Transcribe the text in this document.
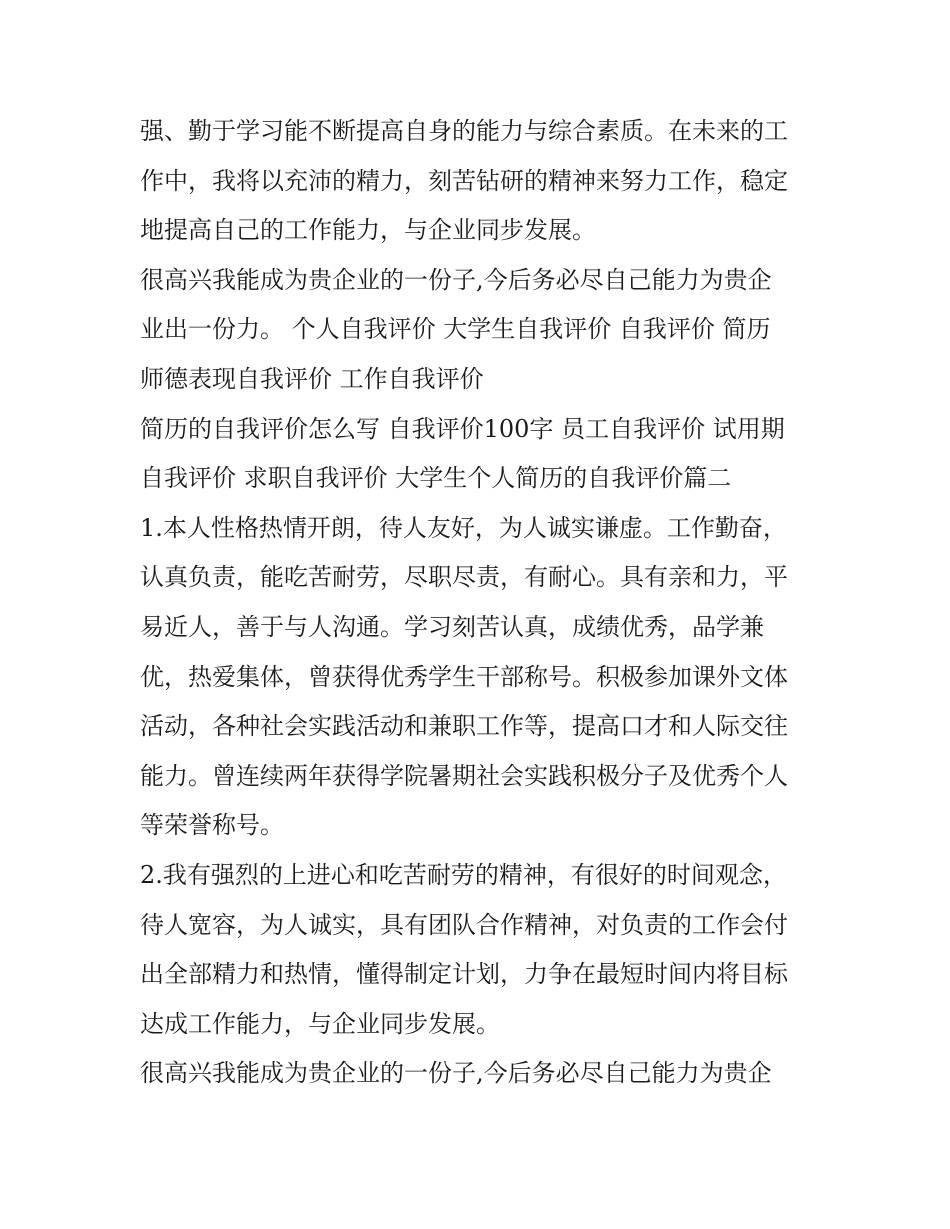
强、勤于学习能不断提高自身的能力与综合素质。在未来的工
作中，我将以充沛的精力，刻苦钻研的精神来努力工作，稳定
地提高自己的工作能力，与企业同步发展。
很高兴我能成为贵企业的一份子,今后务必尽自己能力为贵企
业出一份力。 个人自我评价 大学生自我评价 自我评价 简历
师德表现自我评价 工作自我评价
简历的自我评价怎么写 自我评价100字 员工自我评价 试用期
自我评价 求职自我评价 大学生个人简历的自我评价篇二
1.本人性格热情开朗，待人友好，为人诚实谦虚。工作勤奋，
认真负责，能吃苦耐劳，尽职尽责，有耐心。具有亲和力，平
易近人，善于与人沟通。学习刻苦认真，成绩优秀，品学兼
优，热爱集体，曾获得优秀学生干部称号。积极参加课外文体
活动，各种社会实践活动和兼职工作等，提高口才和人际交往
能力。曾连续两年获得学院暑期社会实践积极分子及优秀个人
等荣誉称号。
2.我有强烈的上进心和吃苦耐劳的精神，有很好的时间观念，
待人宽容，为人诚实，具有团队合作精神，对负责的工作会付
出全部精力和热情，懂得制定计划，力争在最短时间内将目标
达成工作能力，与企业同步发展。
很高兴我能成为贵企业的一份子,今后务必尽自己能力为贵企
